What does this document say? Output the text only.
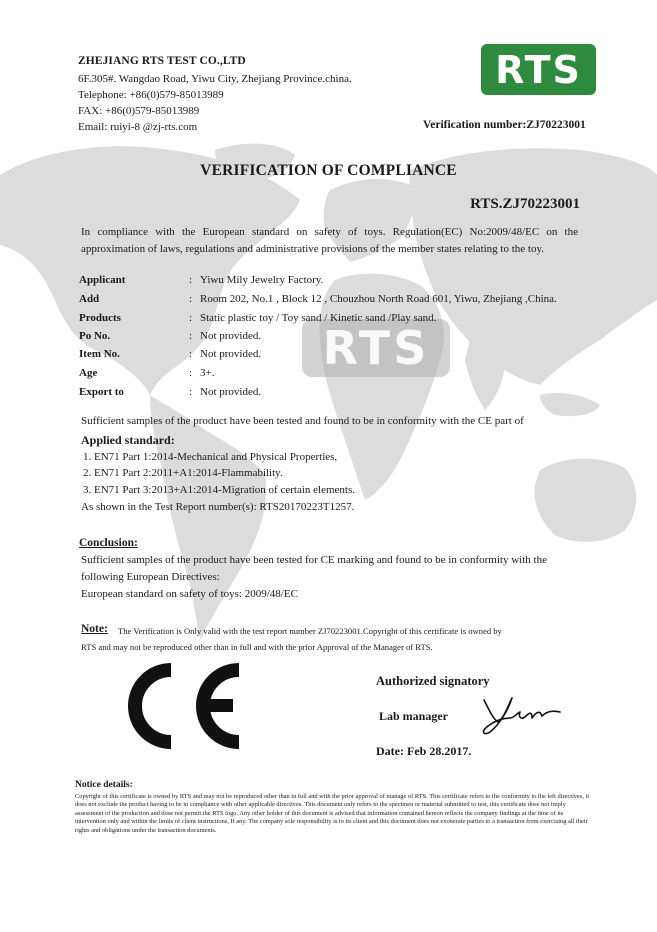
ZHEJIANG RTS TEST CO.,LTD
6F.305#. Wangdao Road, Yiwu City, Zhejiang Province.china.
Telephone: +86(0)579-85013989
FAX: +86(0)579-85013989
Email: ruiyi-8 @zj-rts.com	Verification number:ZJ70223001
RTS
VERIFICATION OF COMPLIANCE
RTS.ZJ70223001
In compliance with the European standard on safety of toys. Regulation(EC) No:2009/48/EC on the approximation of laws, regulations and administrative provisions of the member states relating to the toy.
RTS
Applicant	: Yiwu Mily Jewelry Factory.
Add	: Room 202, No.1 , Block 12 , Chouzhou North Road 601, Yiwu, Zhejiang ,China.
Products	: Static plastic toy / Toy sand / Kinetic sand /Play sand.
Po No.	: Not provided.
Item No.	: Not provided.
Age	: 3+.
Export to	: Not provided.
Sufficient samples of the product have been tested and found to be in conformity with the CE part of
Applied standard:
1. EN71 Part 1:2014-Mechanical and Physical Properties,
2. EN71 Part 2:2011+A1:2014-Flammability.
3. EN71 Part 3:2013+A1:2014-Migration of certain elements.
As shown in the Test Report number(s): RTS20170223T1257.
Conclusion:
Sufficient samples of the product have been tested for CE marking and found to be in conformity with the
following European Directives:
European standard on safety of toys: 2009/48/EC
Note: The Verification is Only valid with the test report number ZJ70223001.Copyright of this certificate is owned by
RTS and may not be reproduced other than in full and with the prior Approval of the Manager of RTS.
Authorized signatory
Lab manager
Date: Feb 28.2017.
Notice details:
Copyright of this certificate is owned by RTS and may not be reproduced other than in full and with the prior approval of manage of RTS. This certificate refers to the conformity to the left directives, it does not exclude the product having to be in compliance with other applicable directives. This document only refers to the specimen or material submitted to test, this certificate dose not imply assessment of the production and dose not permit the RTS logo. Any other holder of this document is advised that information contained hereon reflects the company findings at the time of its intervention only and within the limits of client instructions, If any. The company sole responsibility is to its client and this document does not exonerate parties to a transaction from exercising all their rights and obligations under the transaction documents.
